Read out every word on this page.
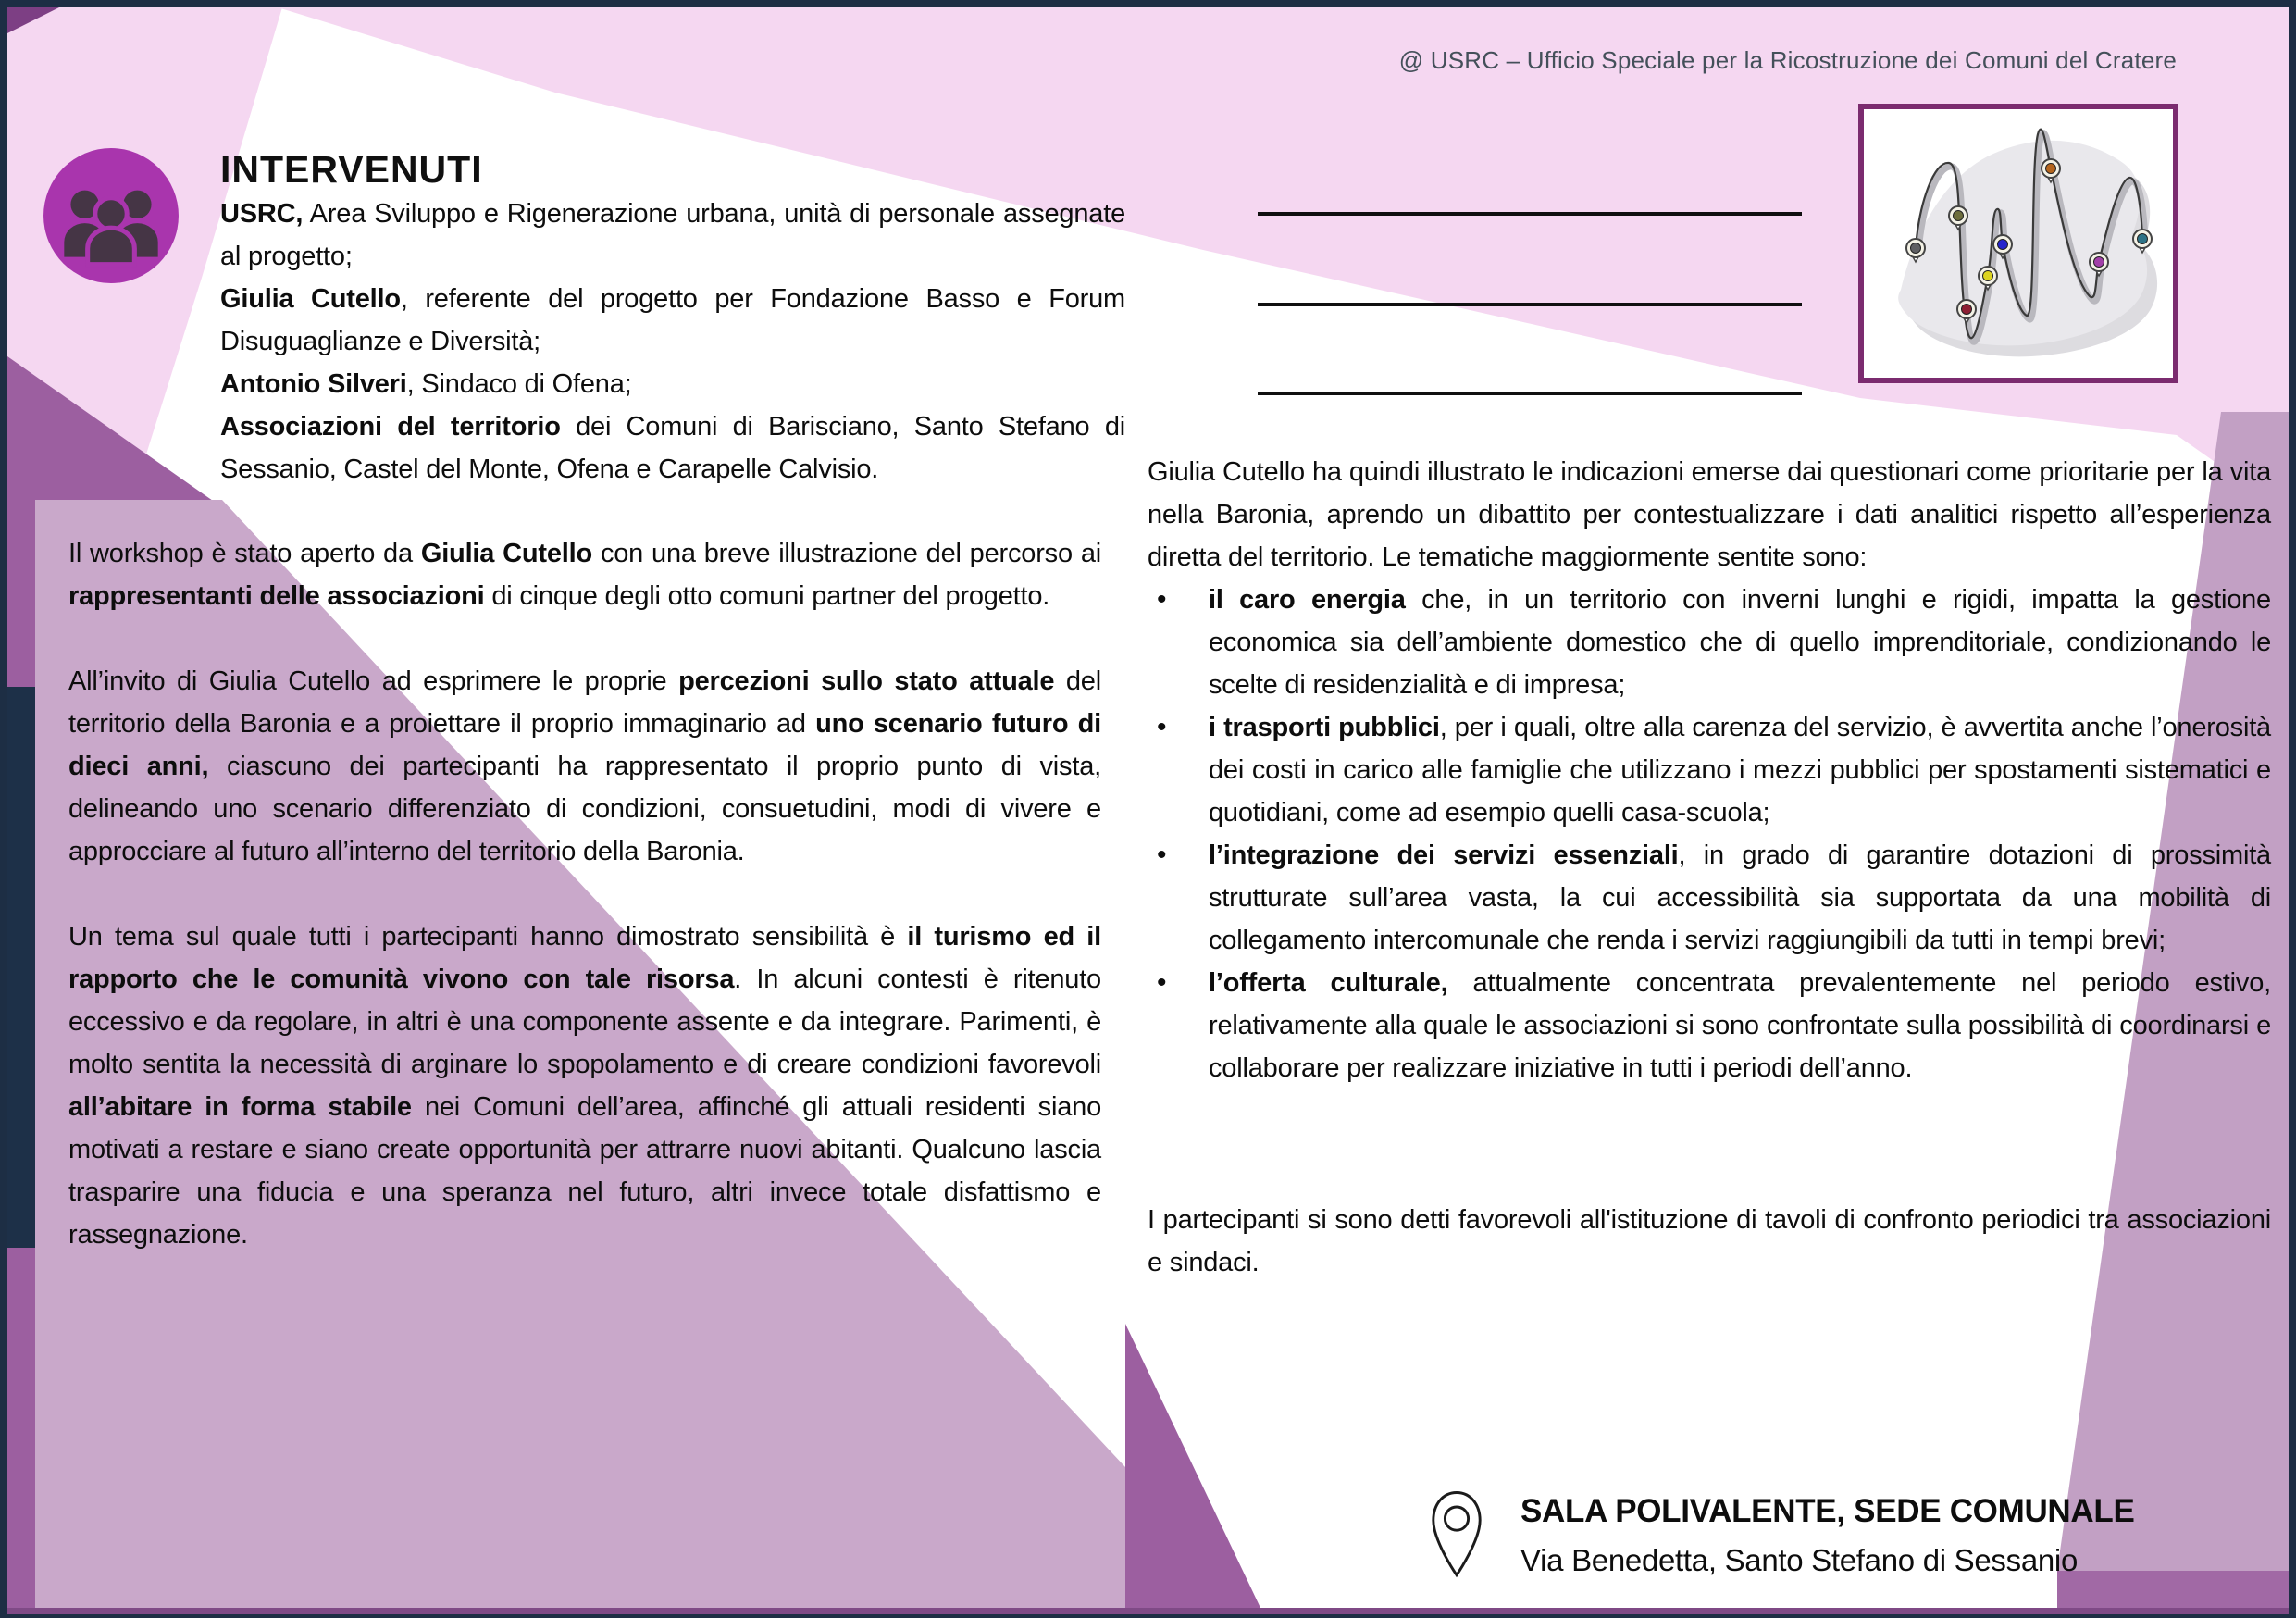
@ USRC – Ufficio Speciale per la Ricostruzione dei Comuni del Cratere
INTERVENUTI

USRC, Area Sviluppo e Rigenerazione urbana, unità di personale assegnate al progetto;

Giulia Cutello, referente del progetto per Fondazione Basso e Forum Disuguaglianze e Diversità;

Antonio Silveri, Sindaco di Ofena;

Associazioni del territorio dei Comuni di Barisciano, Santo Stefano di Sessanio, Castel del Monte, Ofena e Carapelle Calvisio.

Il workshop è stato aperto da Giulia Cutello con una breve illustrazione del percorso ai rappresentanti delle associazioni di cinque degli otto comuni partner del progetto.

All’invito di Giulia Cutello ad esprimere le proprie percezioni sullo stato attuale del territorio della Baronia e a proiettare il proprio immaginario ad uno scenario futuro di dieci anni, ciascuno dei partecipanti ha rappresentato il proprio punto di vista, delineando uno scenario differenziato di condizioni, consuetudini, modi di vivere e approcciare al futuro all’interno del territorio della Baronia.

Un tema sul quale tutti i partecipanti hanno dimostrato sensibilità è il turismo ed il rapporto che le comunità vivono con tale risorsa. In alcuni contesti è ritenuto eccessivo e da regolare, in altri è una componente assente e da integrare. Parimenti, è molto sentita la necessità di arginare lo spopolamento e di creare condizioni favorevoli all’abitare in forma stabile nei Comuni dell’area, affinché gli attuali residenti siano motivati a restare e siano create opportunità per attrarre nuovi abitanti. Qualcuno lascia trasparire una fiducia e una speranza nel futuro, altri invece totale disfattismo e rassegnazione.

Giulia Cutello ha quindi illustrato le indicazioni emerse dai questionari come prioritarie per la vita nella Baronia, aprendo un dibattito per contestualizzare i dati analitici rispetto all’esperienza diretta del territorio. Le tematiche maggiormente sentite sono:

• il caro energia che, in un territorio con inverni lunghi e rigidi, impatta la gestione economica sia dell’ambiente domestico che di quello imprenditoriale, condizionando le scelte di residenzialità e di impresa;
• i trasporti pubblici, per i quali, oltre alla carenza del servizio, è avvertita anche l’onerosità dei costi in carico alle famiglie che utilizzano i mezzi pubblici per spostamenti sistematici e quotidiani, come ad esempio quelli casa-scuola;
• l’integrazione dei servizi essenziali, in grado di garantire dotazioni di prossimità strutturate sull’area vasta, la cui accessibilità sia supportata da una mobilità di collegamento intercomunale che renda i servizi raggiungibili da tutti in tempi brevi;
• l’offerta culturale, attualmente concentrata prevalentemente nel periodo estivo, relativamente alla quale le associazioni si sono confrontate sulla possibilità di coordinarsi e collaborare per realizzare iniziative in tutti i periodi dell’anno.

I partecipanti si sono detti favorevoli all'istituzione di tavoli di confronto periodici tra associazioni e sindaci.

SALA POLIVALENTE, SEDE COMUNALE
Via Benedetta, Santo Stefano di Sessanio
